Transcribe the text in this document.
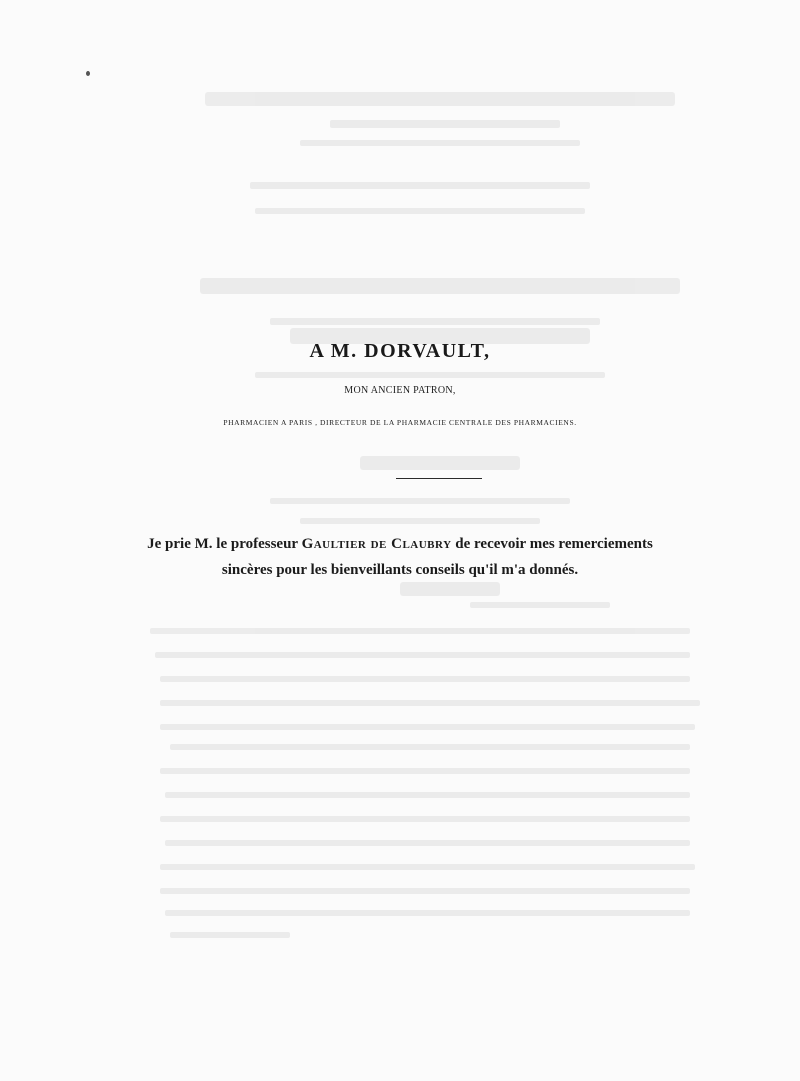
A M. DORVAULT,
MON ANCIEN PATRON,
PHARMACIEN A PARIS , DIRECTEUR DE LA PHARMACIE CENTRALE DES PHARMACIENS.
Je prie M. le professeur Gaultier de Claubry de recevoir mes remerciements
sincères pour les bienveillants conseils qu'il m'a donnés.
